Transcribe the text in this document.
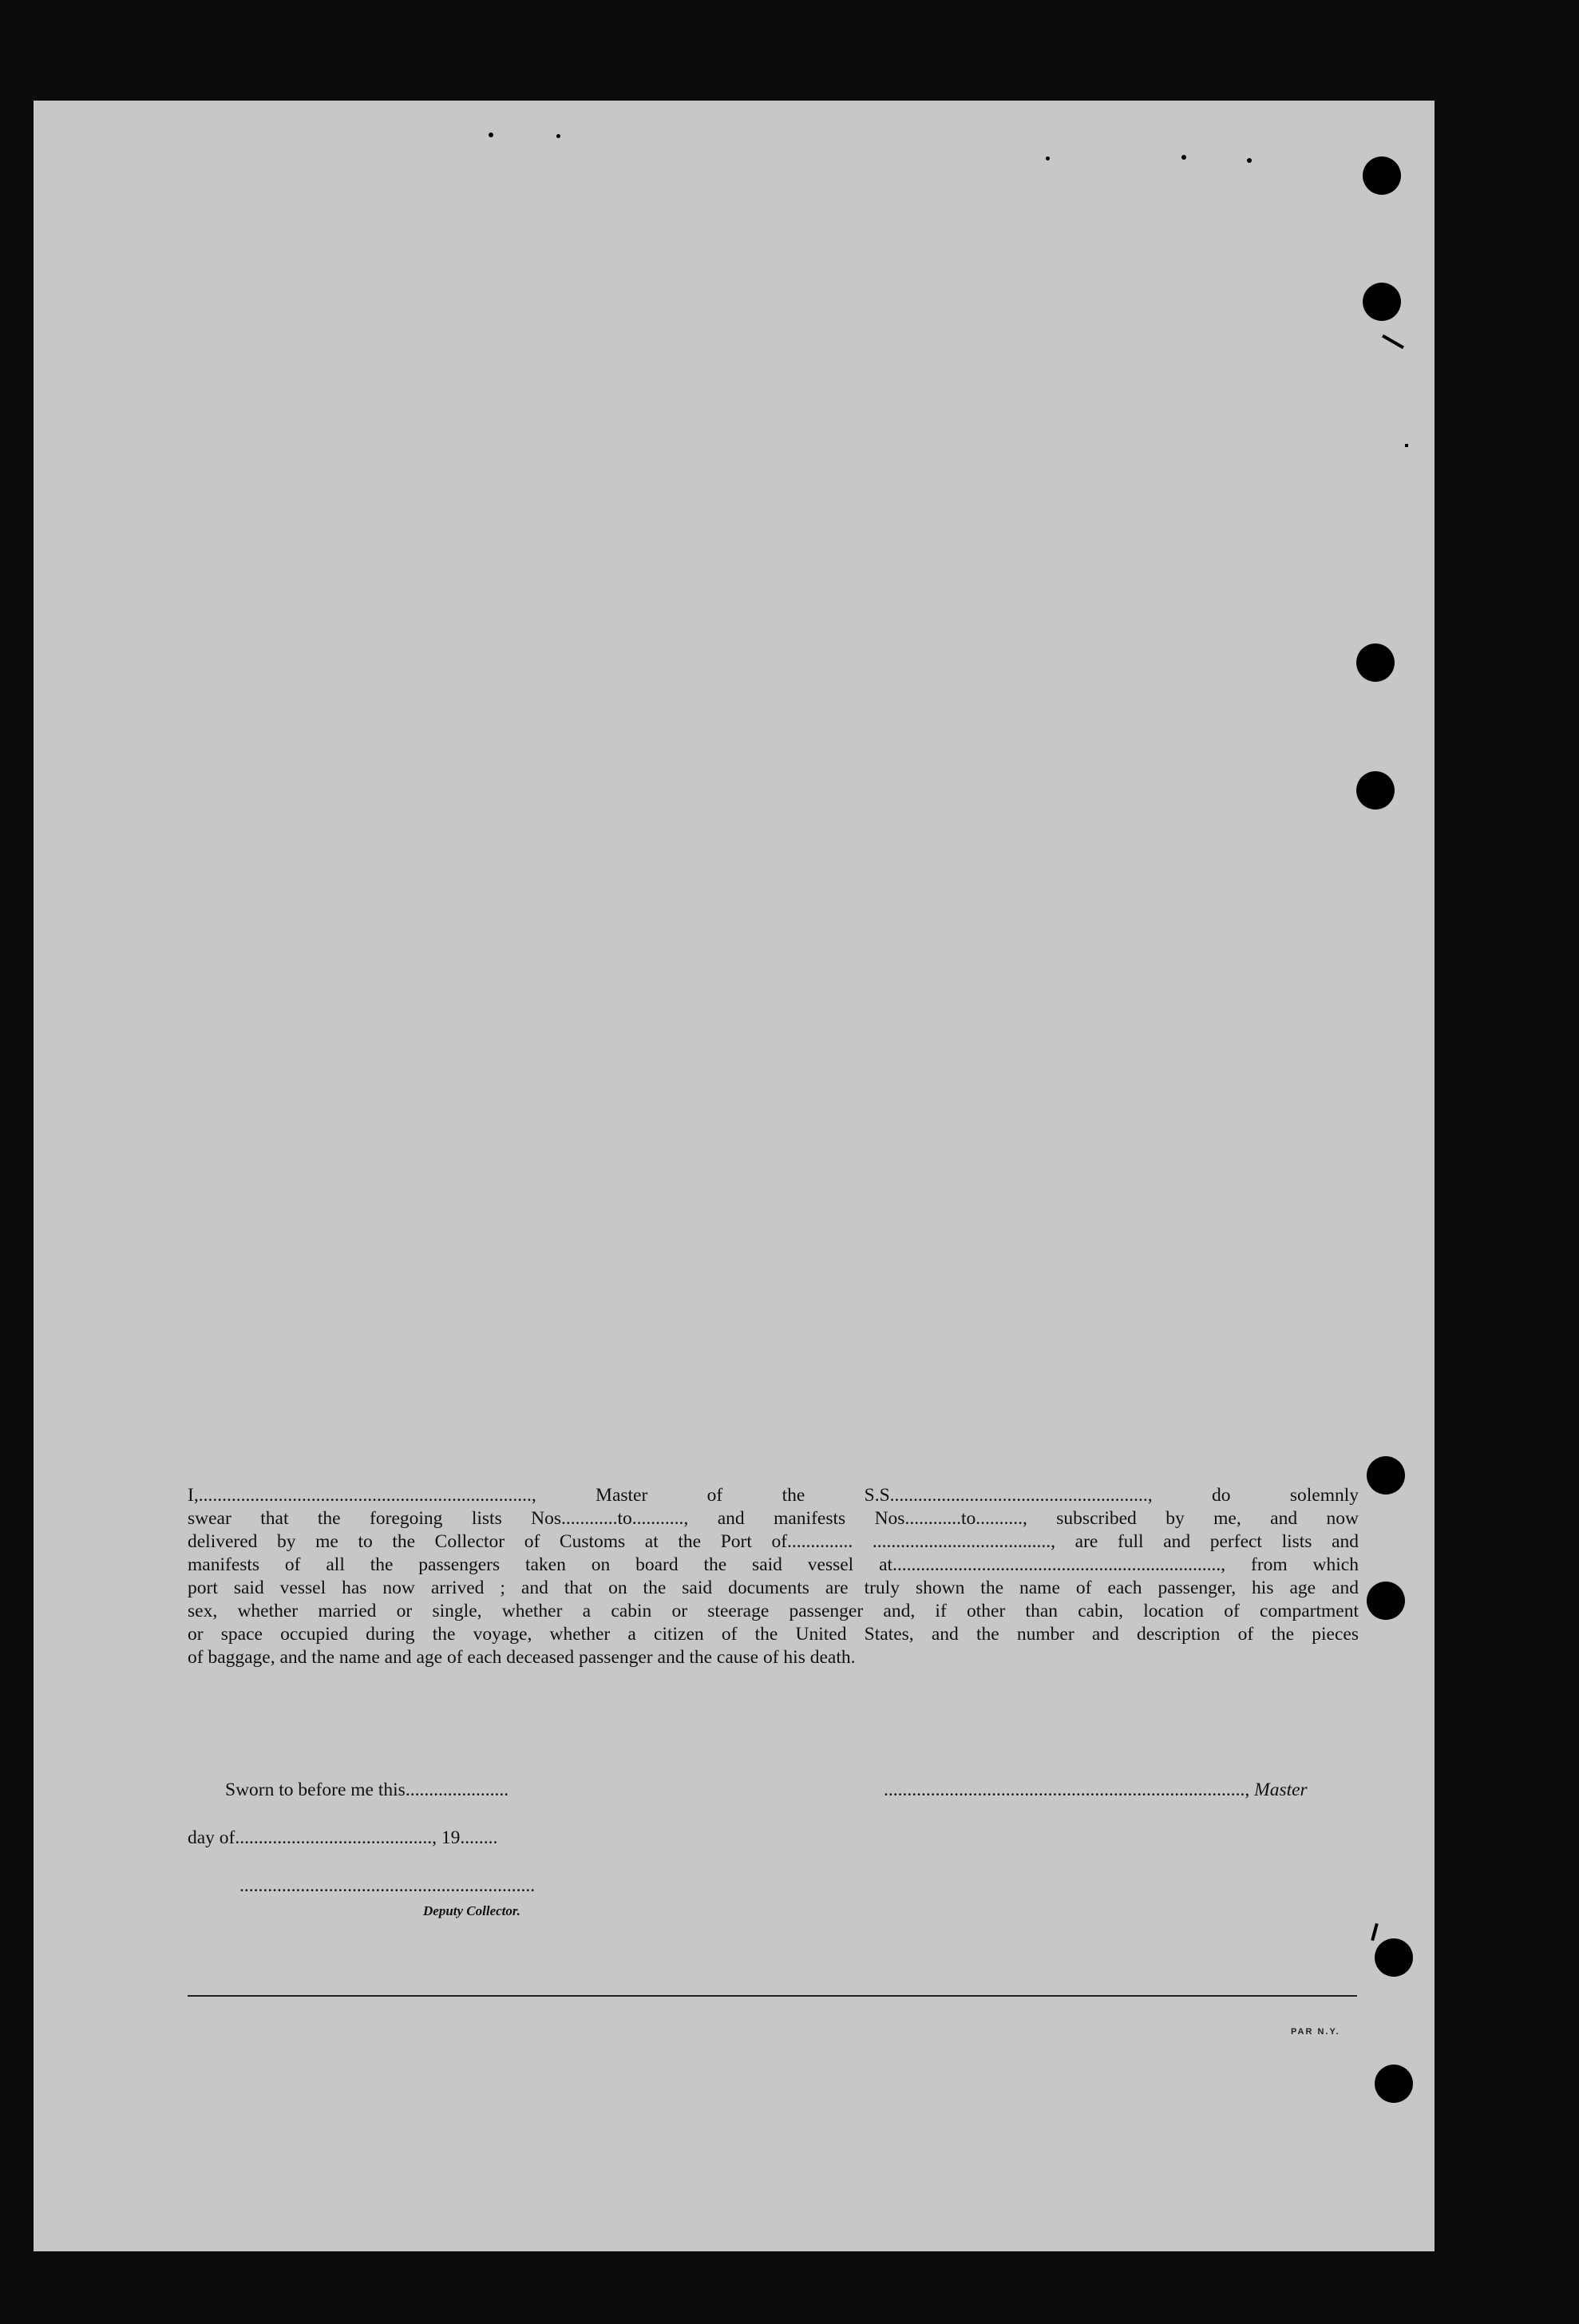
I,......................................................................., Master of the S.S......................................................., do solemnly
swear that the foregoing lists Nos............to..........., and manifests Nos............to.........., subscribed by me, and now
delivered by me to the Collector of Customs at the Port of.............. ......................................, are full and perfect lists and
manifests of all the passengers taken on board the said vessel at......................................................................, from which
port said vessel has now arrived ; and that on the said documents are truly shown the name of each passenger, his age and
sex, whether married or single, whether a cabin or steerage passenger and, if other than cabin, location of compartment
or space occupied during the voyage, whether a citizen of the United States, and the number and description of the pieces
of baggage, and the name and age of each deceased passenger and the cause of his death.
Sworn to before me this......................	............................................................................., Master
day of.........................................., 19........
...............................................................
Deputy Collector.
PAR N.Y.
